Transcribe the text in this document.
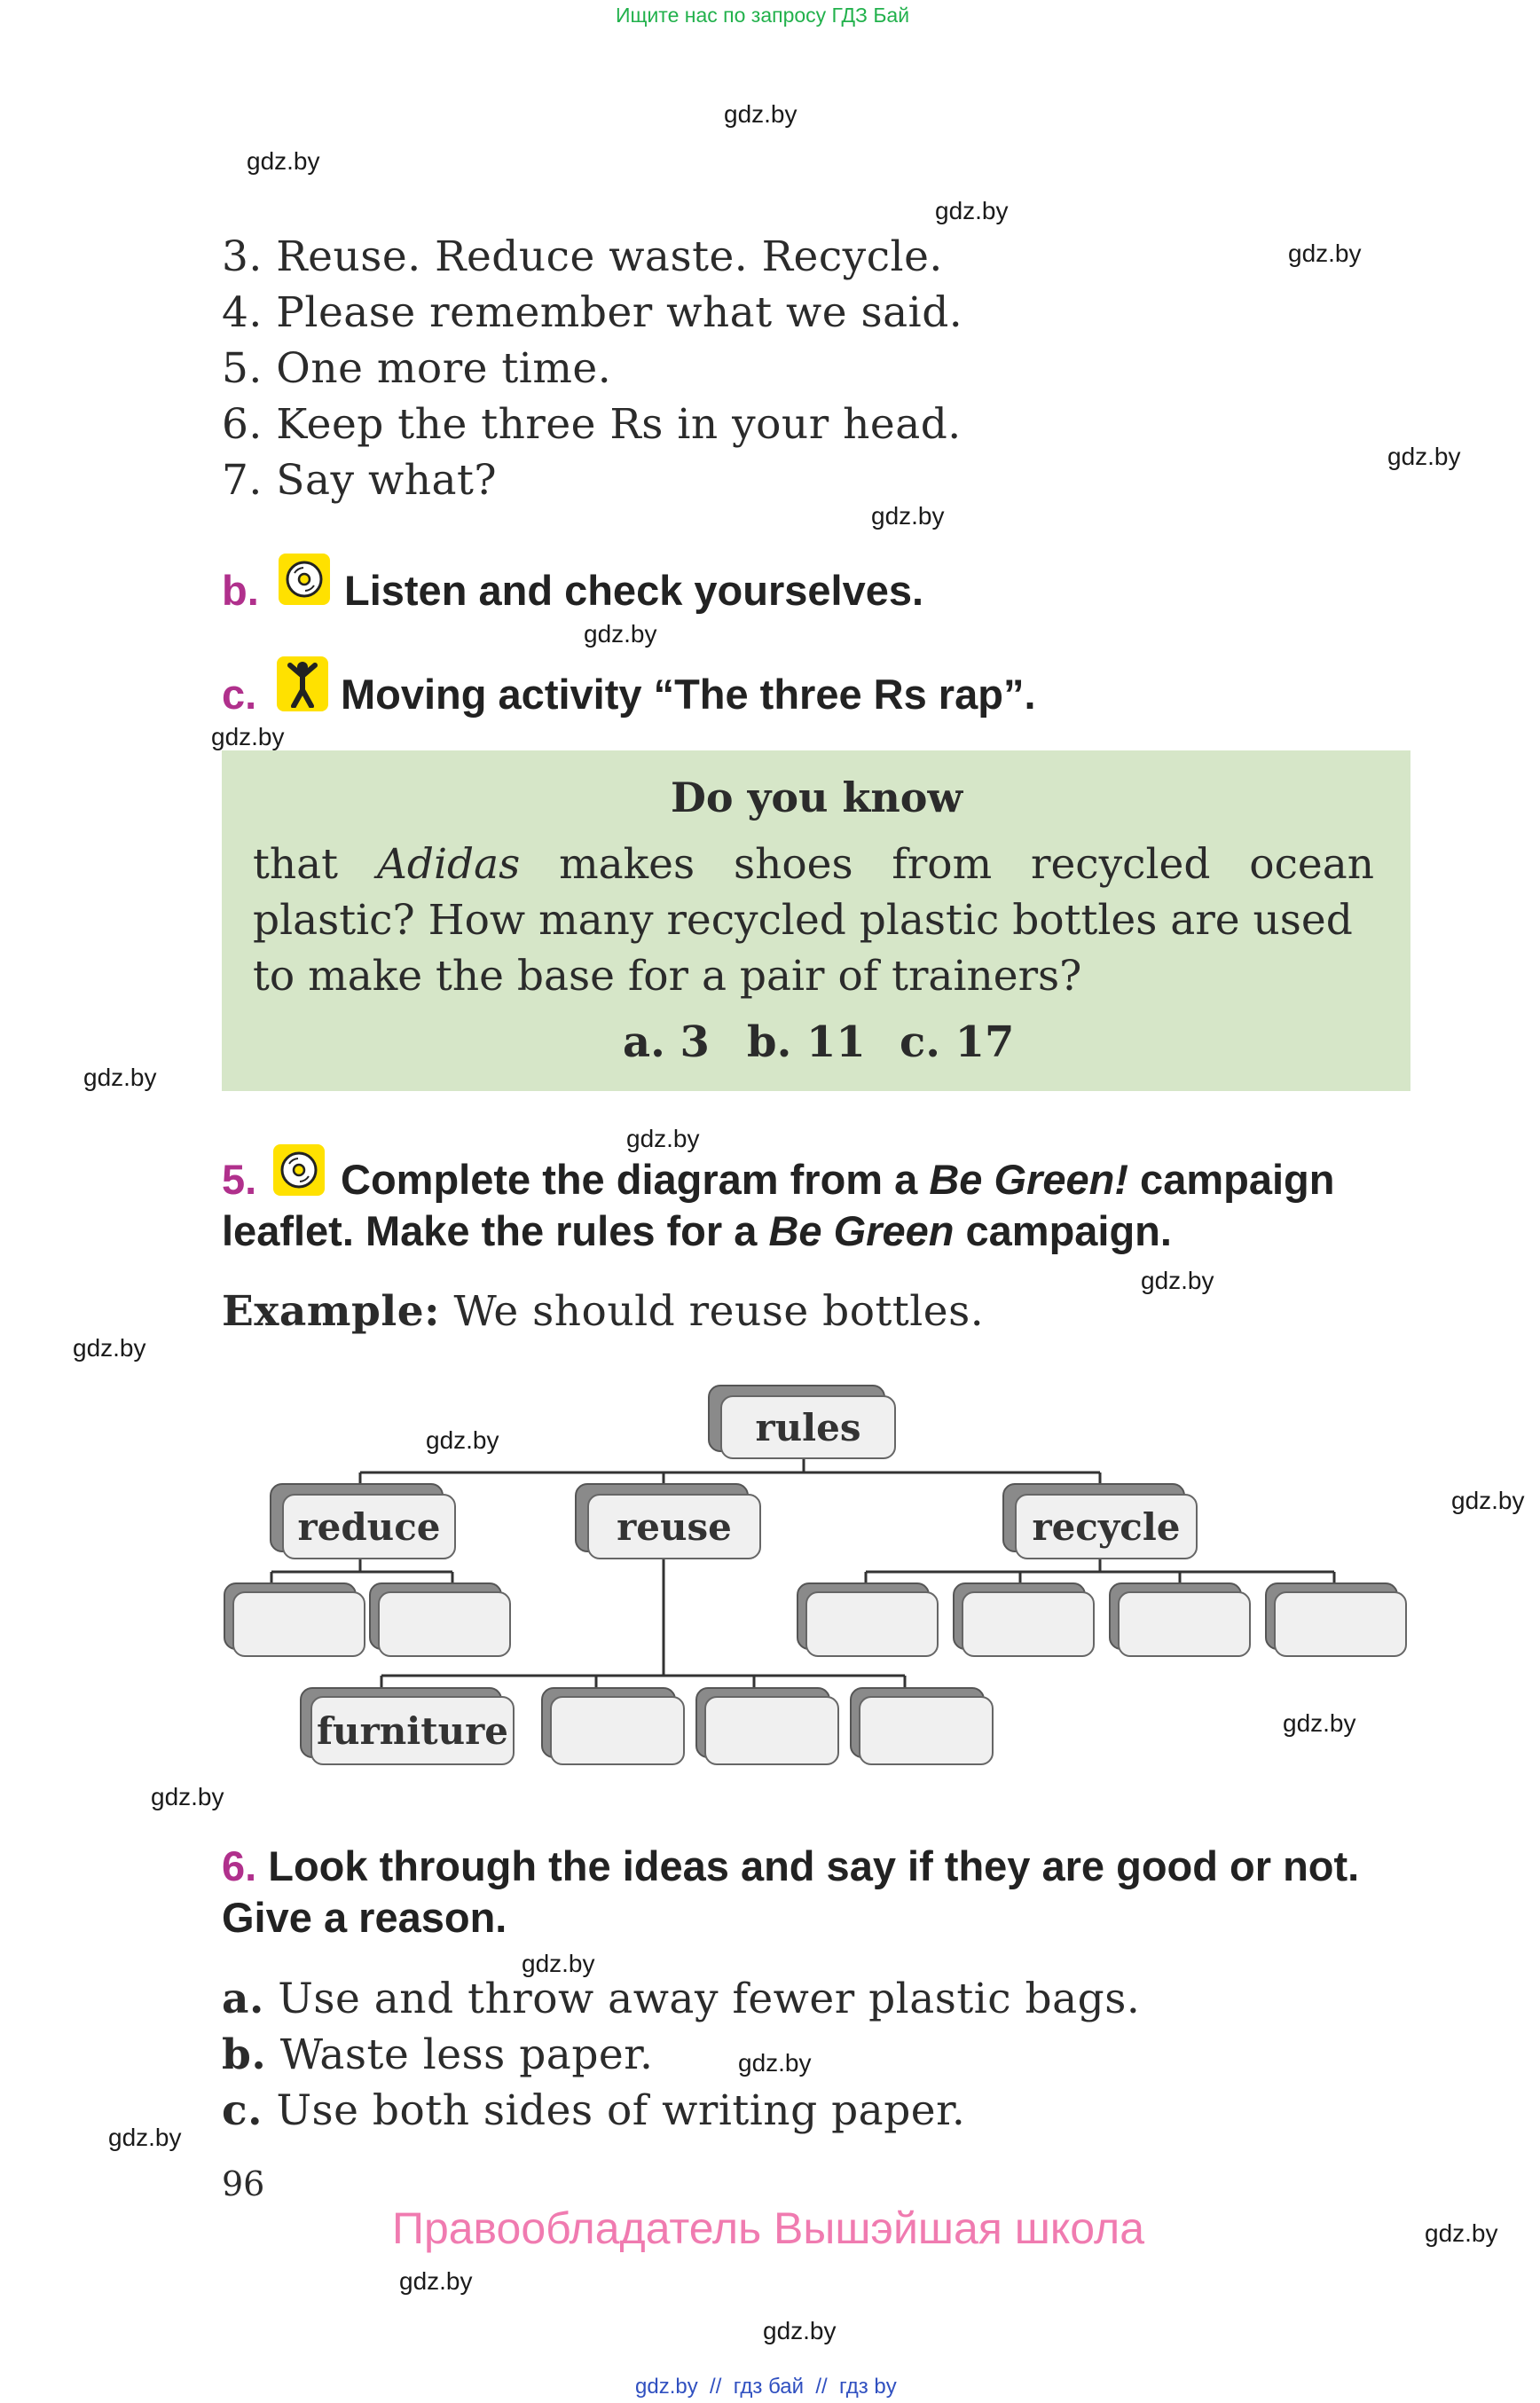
Ищите нас по запросу ГДЗ Бай
gdz.by
gdz.by
gdz.by
gdz.by
gdz.by
gdz.by
gdz.by
gdz.by
gdz.by
gdz.by
gdz.by
gdz.by
gdz.by
gdz.by
gdz.by
gdz.by
gdz.by
gdz.by
gdz.by
gdz.by
gdz.by
gdz.by
3. Reuse. Reduce waste. Recycle.
4. Please remember what we said.
5. One more time.
6. Keep the three Rs in your head.
7. Say what?
b. Listen and check yourselves.
c. Moving activity “The three Rs rap”.
Do you know
that Adidas makes shoes from recycled ocean
plastic? How many recycled plastic bottles are used
to make the base for a pair of trainers?
a. 3 b. 11 c. 17
5. Complete the diagram from a Be Green! campaign
leaflet. Make the rules for a Be Green campaign.
Example: We should reuse bottles.
rules
reduce	reuse	recycle
furniture
6. Look through the ideas and say if they are good or not.
Give a reason.
a. Use and throw away fewer plastic bags.
b. Waste less paper.
c. Use both sides of writing paper.
96
Правообладатель Вышэйшая школа
gdz.by  //  гдз бай  //  гдз by
